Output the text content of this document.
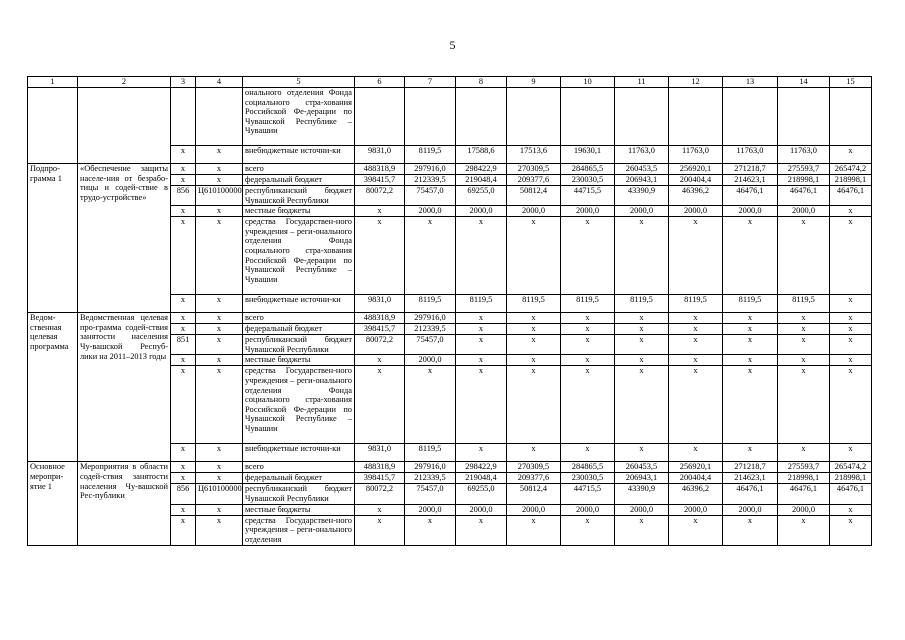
5
1	2	3	4	5	6	7	8	9	10	11	12	13	14	15
				онального отделения Фонда социального стра-хования Российской Фе-дерации по Чувашской Республике – Чувашии										
		x	x	внебюджетные источни-ки	9831,0	8119,5	17588,6	17513,6	19630,1	11763,0	11763,0	11763,0	11763,0	x
Подпро-грамма 1	«Обеспечение защиты населе-ния от безрабо-тицы и содей-ствие в трудо-устройстве»	x	x	всего	488318,9	297916,0	298422,9	270309,5	284865,5	260453,5	256920,1	271218,7	275593,7	265474,2
		x	x	федеральный бюджет	398415,7	212339,5	219048,4	209377,6	230030,5	206943,1	200404,4	214623,1	218998,1	218998,1
		856	Ц610100000	республиканский бюджет Чувашской Республики	80072,2	75457,0	69255,0	50812,4	44715,5	43390,9	46396,2	46476,1	46476,1	46476,1
		x	x	местные бюджеты	x	2000,0	2000,0	2000,0	2000,0	2000,0	2000,0	2000,0	2000,0	x
		x	x	средства Государствен-ного учреждения – реги-онального отделения Фонда социального стра-хования Российской Фе-дерации по Чувашской Республике – Чувашии	x	x	x	x	x	x	x	x	x	x
		x	x	внебюджетные источни-ки	9831,0	8119,5	8119,5	8119,5	8119,5	8119,5	8119,5	8119,5	8119,5	x
Ведом-ственная целевая программа	Ведомственная целевая про-грамма содей-ствия занятости населения Чу-вашской Респуб-лики на 2011–2013 годы	x	x	всего	488318,9	297916,0	x	x	x	x	x	x	x	x
		x	x	федеральный бюджет	398415,7	212339,5	x	x	x	x	x	x	x	x
		851	x	республиканский бюджет Чувашской Республики	80072,2	75457,0	x	x	x	x	x	x	x	x
		x	x	местные бюджеты	x	2000,0	x	x	x	x	x	x	x	x
		x	x	средства Государствен-ного учреждения – реги-онального отделения Фонда социального стра-хования Российской Фе-дерации по Чувашской Республике – Чувашии	x	x	x	x	x	x	x	x	x	x
		x	x	внебюджетные источни-ки	9831,0	8119,5	x	x	x	x	x	x	x	x
Основное меропри-ятие 1	Мероприятия в области содей-ствия занятости населения Чу-вашской Рес-публики	x	x	всего	488318,9	297916,0	298422,9	270309,5	284865,5	260453,5	256920,1	271218,7	275593,7	265474,2
		x	x	федеральный бюджет	398415,7	212339,5	219048,4	209377,6	230030,5	206943,1	200404,4	214623,1	218998,1	218998,1
		856	Ц610100000	республиканский бюджет Чувашской Республики	80072,2	75457,0	69255,0	50812,4	44715,5	43390,9	46396,2	46476,1	46476,1	46476,1
		x	x	местные бюджеты	x	2000,0	2000,0	2000,0	2000,0	2000,0	2000,0	2000,0	2000,0	x
		x	x	средства Государствен-ного учреждения – реги-онального отделения	x	x	x	x	x	x	x	x	x	x
